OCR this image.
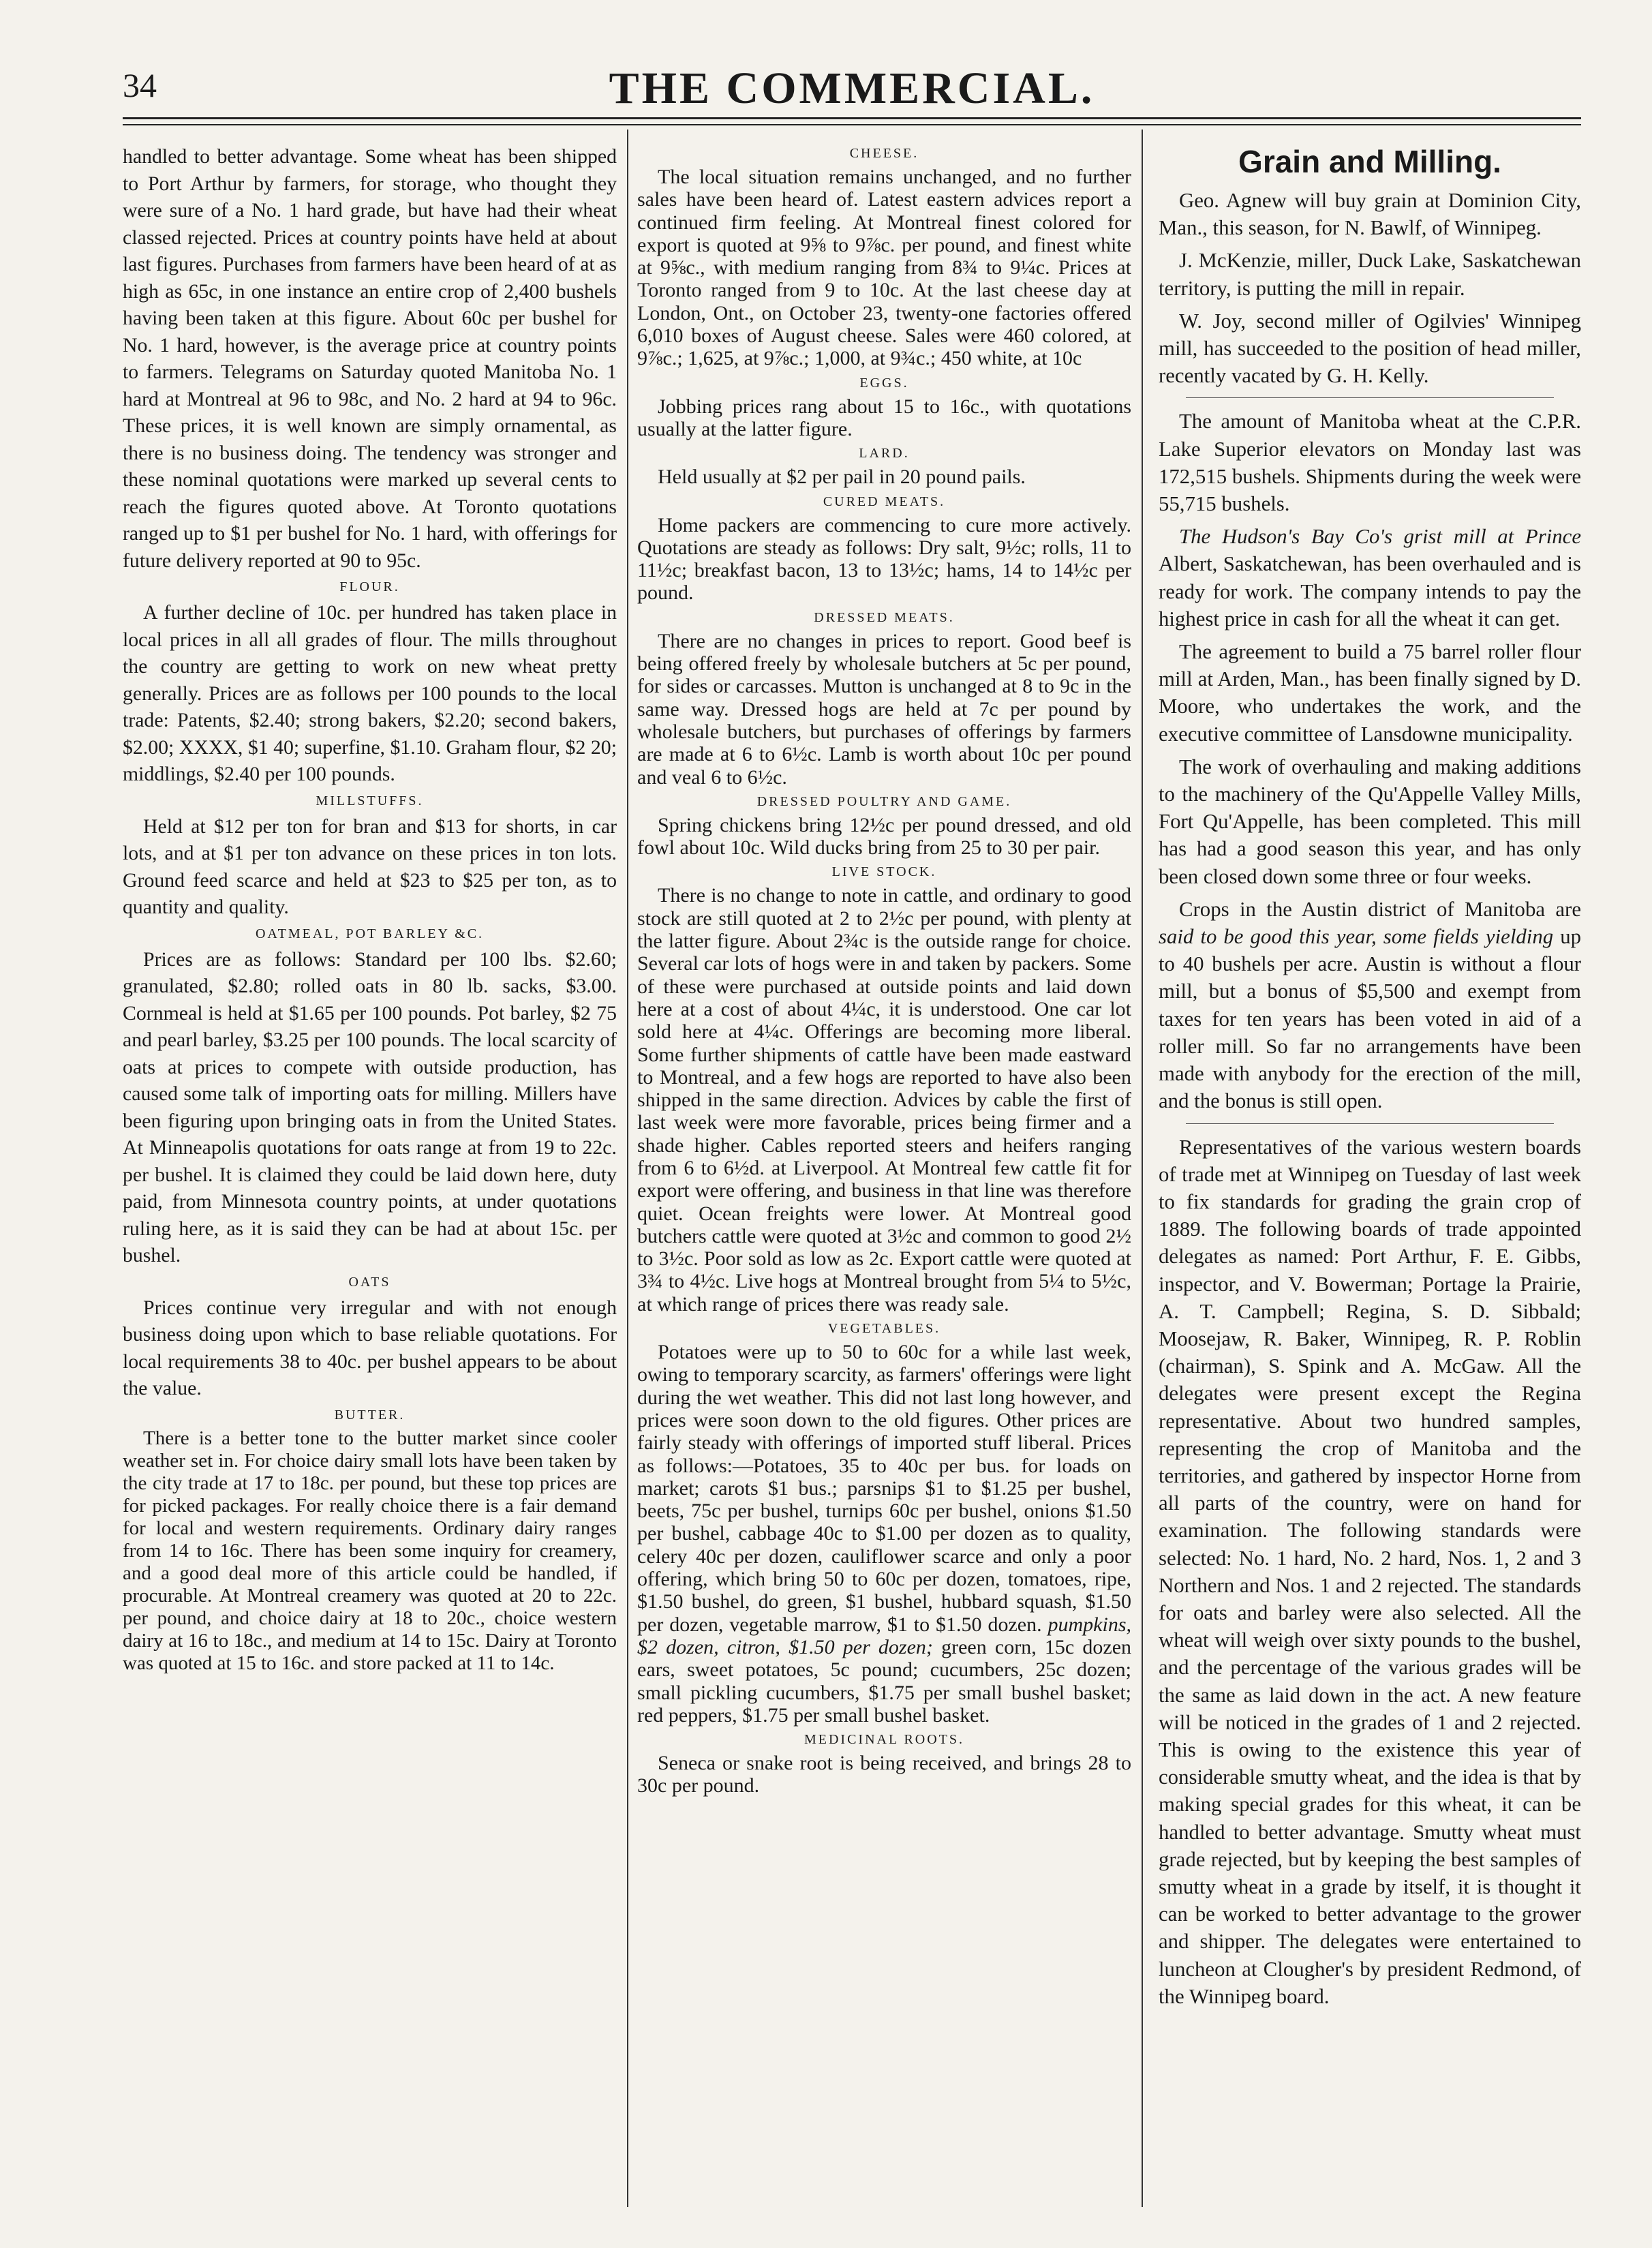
34	THE COMMERCIAL.

handled to better advantage. Some wheat has been shipped to Port Arthur by farmers, for storage, who thought they were sure of a No. 1 hard grade, but have had their wheat classed rejected. Prices at country points have held at about last figures. Purchases from farmers have been heard of at as high as 65c, in one instance an entire crop of 2,400 bushels having been taken at this figure. About 60c per bushel for No. 1 hard, however, is the average price at country points to farmers. Telegrams on Saturday quoted Manitoba No. 1 hard at Montreal at 96 to 98c, and No. 2 hard at 94 to 96c. These prices, it is well known are simply ornamental, as there is no business doing. The tendency was stronger and these nominal quotations were marked up several cents to reach the figures quoted above. At Toronto quotations ranged up to $1 per bushel for No. 1 hard, with offerings for future delivery reported at 90 to 95c.

FLOUR.

A further decline of 10c. per hundred has taken place in local prices in all all grades of flour. The mills throughout the country are getting to work on new wheat pretty generally. Prices are as follows per 100 pounds to the local trade: Patents, $2.40; strong bakers, $2.20; second bakers, $2.00; XXXX, $1 40; superfine, $1.10. Graham flour, $2 20; middlings, $2.40 per 100 pounds.

MILLSTUFFS.

Held at $12 per ton for bran and $13 for shorts, in car lots, and at $1 per ton advance on these prices in ton lots. Ground feed scarce and held at $23 to $25 per ton, as to quantity and quality.

OATMEAL, POT BARLEY &C.

Prices are as follows: Standard per 100 lbs. $2.60; granulated, $2.80; rolled oats in 80 lb. sacks, $3.00. Cornmeal is held at $1.65 per 100 pounds. Pot barley, $2 75 and pearl barley, $3.25 per 100 pounds. The local scarcity of oats at prices to compete with outside production, has caused some talk of importing oats for milling. Millers have been figuring upon bringing oats in from the United States. At Minneapolis quotations for oats range at from 19 to 22c. per bushel. It is claimed they could be laid down here, duty paid, from Minnesota country points, at under quotations ruling here, as it is said they can be had at about 15c. per bushel.

OATS

Prices continue very irregular and with not enough business doing upon which to base reliable quotations. For local requirements 38 to 40c. per bushel appears to be about the value.

BUTTER.

There is a better tone to the butter market since cooler weather set in. For choice dairy small lots have been taken by the city trade at 17 to 18c. per pound, but these top prices are for picked packages. For really choice there is a fair demand for local and western requirements. Ordinary dairy ranges from 14 to 16c. There has been some inquiry for creamery, and a good deal more of this article could be handled, if procurable. At Montreal creamery was quoted at 20 to 22c. per pound, and choice dairy at 18 to 20c., choice western dairy at 16 to 18c., and medium at 14 to 15c. Dairy at Toronto was quoted at 15 to 16c. and store packed at 11 to 14c.

CHEESE.

The local situation remains unchanged, and no further sales have been heard of. Latest eastern advices report a continued firm feeling. At Montreal finest colored for export is quoted at 9⅝ to 9⅞c. per pound, and finest white at 9⅝c., with medium ranging from 8¾ to 9¼c. Prices at Toronto ranged from 9 to 10c. At the last cheese day at London, Ont., on October 23, twenty-one factories offered 6,010 boxes of August cheese. Sales were 460 colored, at 9⅞c.; 1,625, at 9⅞c.; 1,000, at 9¾c.; 450 white, at 10c

EGGS.

Jobbing prices rang about 15 to 16c., with quotations usually at the latter figure.

LARD.

Held usually at $2 per pail in 20 pound pails.

CURED MEATS.

Home packers are commencing to cure more actively. Quotations are steady as follows: Dry salt, 9½c; rolls, 11 to 11½c; breakfast bacon, 13 to 13½c; hams, 14 to 14½c per pound.

DRESSED MEATS.

There are no changes in prices to report. Good beef is being offered freely by wholesale butchers at 5c per pound, for sides or carcasses. Mutton is unchanged at 8 to 9c in the same way. Dressed hogs are held at 7c per pound by wholesale butchers, but purchases of offerings by farmers are made at 6 to 6½c. Lamb is worth about 10c per pound and veal 6 to 6½c.

DRESSED POULTRY AND GAME.

Spring chickens bring 12½c per pound dressed, and old fowl about 10c. Wild ducks bring from 25 to 30 per pair.

LIVE STOCK.

There is no change to note in cattle, and ordinary to good stock are still quoted at 2 to 2½c per pound, with plenty at the latter figure. About 2¾c is the outside range for choice. Several car lots of hogs were in and taken by packers. Some of these were purchased at outside points and laid down here at a cost of about 4¼c, it is understood. One car lot sold here at 4¼c. Offerings are becoming more liberal. Some further shipments of cattle have been made eastward to Montreal, and a few hogs are reported to have also been shipped in the same direction. Advices by cable the first of last week were more favorable, prices being firmer and a shade higher. Cables reported steers and heifers ranging from 6 to 6½d. at Liverpool. At Montreal few cattle fit for export were offering, and business in that line was therefore quiet. Ocean freights were lower. At Montreal good butchers cattle were quoted at 3½c and common to good 2½ to 3½c. Poor sold as low as 2c. Export cattle were quoted at 3¾ to 4½c. Live hogs at Montreal brought from 5¼ to 5½c, at which range of prices there was ready sale.

VEGETABLES.

Potatoes were up to 50 to 60c for a while last week, owing to temporary scarcity, as farmers' offerings were light during the wet weather. This did not last long however, and prices were soon down to the old figures. Other prices are fairly steady with offerings of imported stuff liberal. Prices as follows:—Potatoes, 35 to 40c per bus. for loads on market; carots $1 bus.; parsnips $1 to $1.25 per bushel, beets, 75c per bushel, turnips 60c per bushel, onions $1.50 per bushel, cabbage 40c to $1.00 per dozen as to quality, celery 40c per dozen, cauliflower scarce and only a poor offering, which bring 50 to 60c per dozen, tomatoes, ripe, $1.50 bushel, do green, $1 bushel, hubbard squash, $1.50 per dozen, vegetable marrow, $1 to $1.50 dozen. pumpkins, $2 dozen, citron, $1.50 per dozen; green corn, 15c dozen ears, sweet potatoes, 5c pound; cucumbers, 25c dozen; small pickling cucumbers, $1.75 per small bushel basket; red peppers, $1.75 per small bushel basket.

MEDICINAL ROOTS.

Seneca or snake root is being received, and brings 28 to 30c per pound.

Grain and Milling.

Geo. Agnew will buy grain at Dominion City, Man., this season, for N. Bawlf, of Winnipeg.

J. McKenzie, miller, Duck Lake, Saskatchewan territory, is putting the mill in repair.

W. Joy, second miller of Ogilvies' Winnipeg mill, has succeeded to the position of head miller, recently vacated by G. H. Kelly.

The amount of Manitoba wheat at the C.P.R. Lake Superior elevators on Monday last was 172,515 bushels. Shipments during the week were 55,715 bushels.

The Hudson's Bay Co's grist mill at Prince Albert, Saskatchewan, has been overhauled and is ready for work. The company intends to pay the highest price in cash for all the wheat it can get.

The agreement to build a 75 barrel roller flour mill at Arden, Man., has been finally signed by D. Moore, who undertakes the work, and the executive committee of Lansdowne municipality.

The work of overhauling and making additions to the machinery of the Qu'Appelle Valley Mills, Fort Qu'Appelle, has been completed. This mill has had a good season this year, and has only been closed down some three or four weeks.

Crops in the Austin district of Manitoba are said to be good this year, some fields yielding up to 40 bushels per acre. Austin is without a flour mill, but a bonus of $5,500 and exempt from taxes for ten years has been voted in aid of a roller mill. So far no arrangements have been made with anybody for the erection of the mill, and the bonus is still open.

Representatives of the various western boards of trade met at Winnipeg on Tuesday of last week to fix standards for grading the grain crop of 1889. The following boards of trade appointed delegates as named: Port Arthur, F. E. Gibbs, inspector, and V. Bowerman; Portage la Prairie, A. T. Campbell; Regina, S. D. Sibbald; Moosejaw, R. Baker, Winnipeg, R. P. Roblin (chairman), S. Spink and A. McGaw. All the delegates were present except the Regina representative. About two hundred samples, representing the crop of Manitoba and the territories, and gathered by inspector Horne from all parts of the country, were on hand for examination. The following standards were selected: No. 1 hard, No. 2 hard, Nos. 1, 2 and 3 Northern and Nos. 1 and 2 rejected. The standards for oats and barley were also selected. All the wheat will weigh over sixty pounds to the bushel, and the percentage of the various grades will be the same as laid down in the act. A new feature will be noticed in the grades of 1 and 2 rejected. This is owing to the existence this year of considerable smutty wheat, and the idea is that by making special grades for this wheat, it can be handled to better advantage. Smutty wheat must grade rejected, but by keeping the best samples of smutty wheat in a grade by itself, it is thought it can be worked to better advantage to the grower and shipper. The delegates were entertained to luncheon at Clougher's by president Redmond, of the Winnipeg board.
